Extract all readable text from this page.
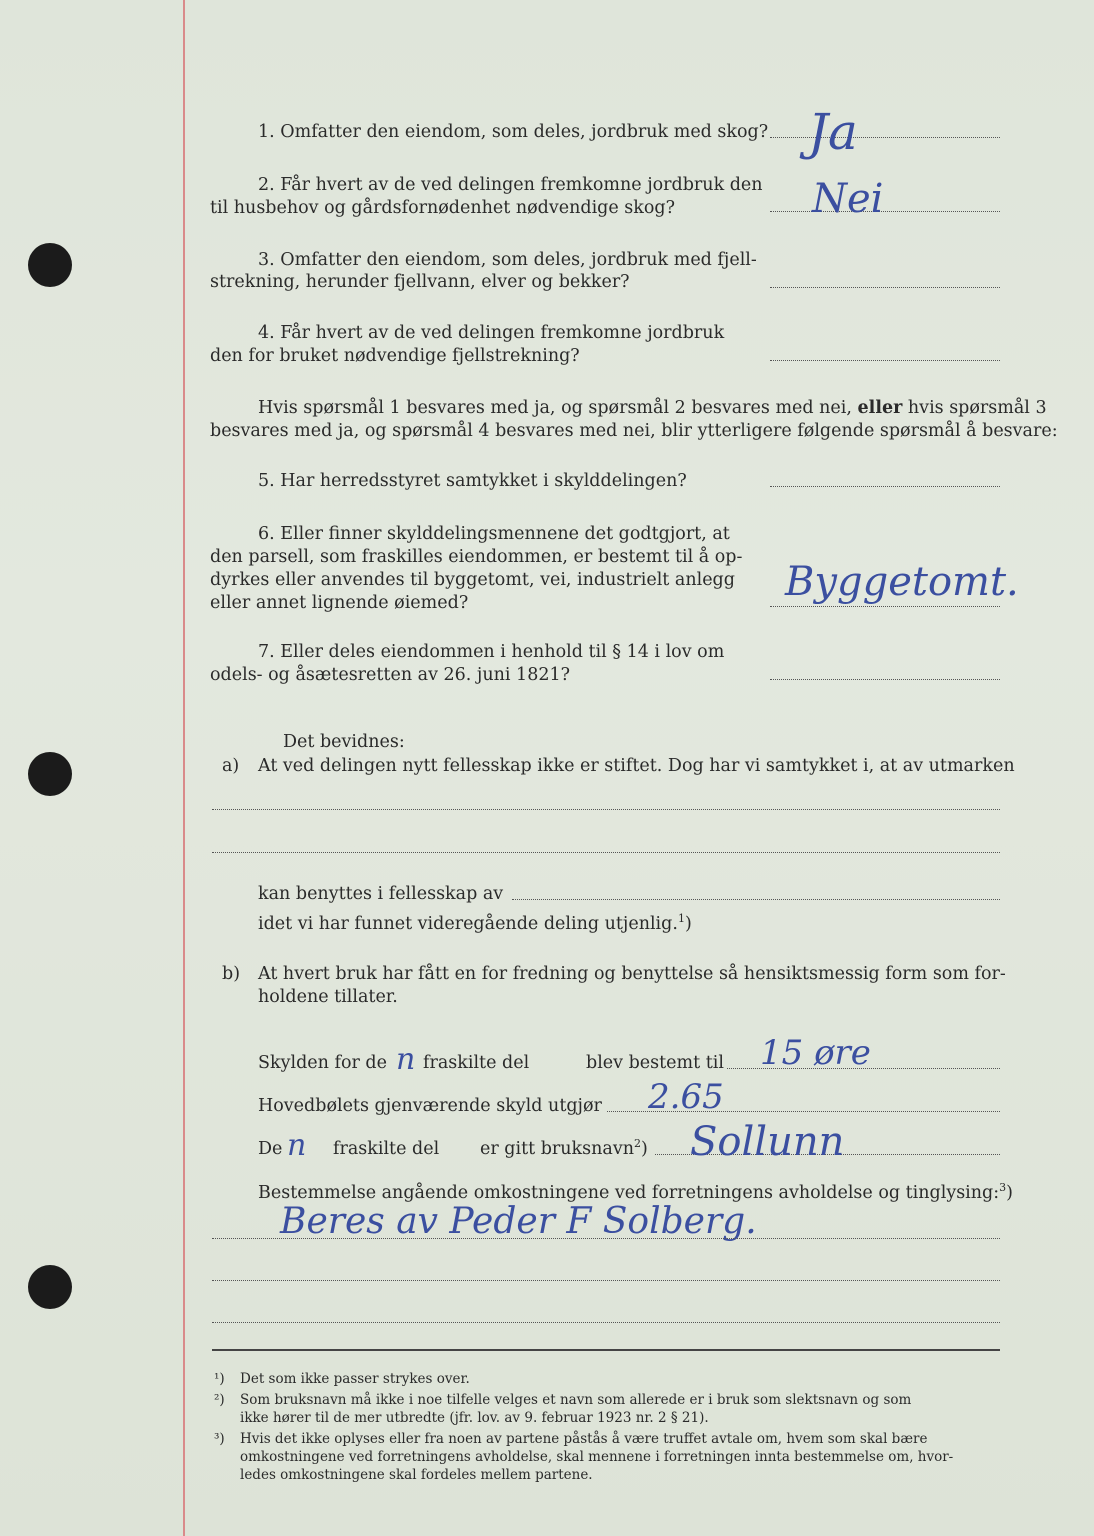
1. Omfatter den eiendom, som deles, jordbruk med skog? Ja
2. Får hvert av de ved delingen fremkomne jordbruk den
til husbehov og gårdsfornødenhet nødvendige skog?	Nei
3. Omfatter den eiendom, som deles, jordbruk med fjell-
strekning, herunder fjellvann, elver og bekker?
4. Får hvert av de ved delingen fremkomne jordbruk
den for bruket nødvendige fjellstrekning?
Hvis spørsmål 1 besvares med ja, og spørsmål 2 besvares med nei, eller hvis spørsmål 3
besvares med ja, og spørsmål 4 besvares med nei, blir ytterligere følgende spørsmål å besvare:
5. Har herredsstyret samtykket i skylddelingen?
6. Eller finner skylddelingsmennene det godtgjort, at
den parsell, som fraskilles eiendommen, er bestemt til å op-
dyrkes eller anvendes til byggetomt, vei, industrielt anlegg
eller annet lignende øiemed?	Byggetomt.
7. Eller deles eiendommen i henhold til § 14 i lov om
odels- og åsætesretten av 26. juni 1821?
Det bevidnes:
a) At ved delingen nytt fellesskap ikke er stiftet. Dog har vi samtykket i, at av utmarken
kan benyttes i fellesskap av
idet vi har funnet videregående deling utjenlig.$^1$)
b) At hvert bruk har fått en for fredning og benyttelse så hensiktsmessig form som for-
holdene tillater.
Skylden for de n fraskilte del	blev bestemt til 15 øre
Hovedbølets gjenværende skyld utgjør 2.65
De n fraskilte del er gitt bruksnavn$^2$) Sollunn
Bestemmelse angående omkostningene ved forretningens avholdelse og tinglysing:$^3$)
Beres av Peder F Solberg.
¹) Det som ikke passer strykes over.
²) Som bruksnavn må ikke i noe tilfelle velges et navn som allerede er i bruk som slektsnavn og som
ikke hører til de mer utbredte (jfr. lov. av 9. februar 1923 nr. 2 § 21).
³) Hvis det ikke oplyses eller fra noen av partene påstås å være truffet avtale om, hvem som skal bære
omkostningene ved forretningens avholdelse, skal mennene i forretningen innta bestemmelse om, hvor-
ledes omkostningene skal fordeles mellem partene.
